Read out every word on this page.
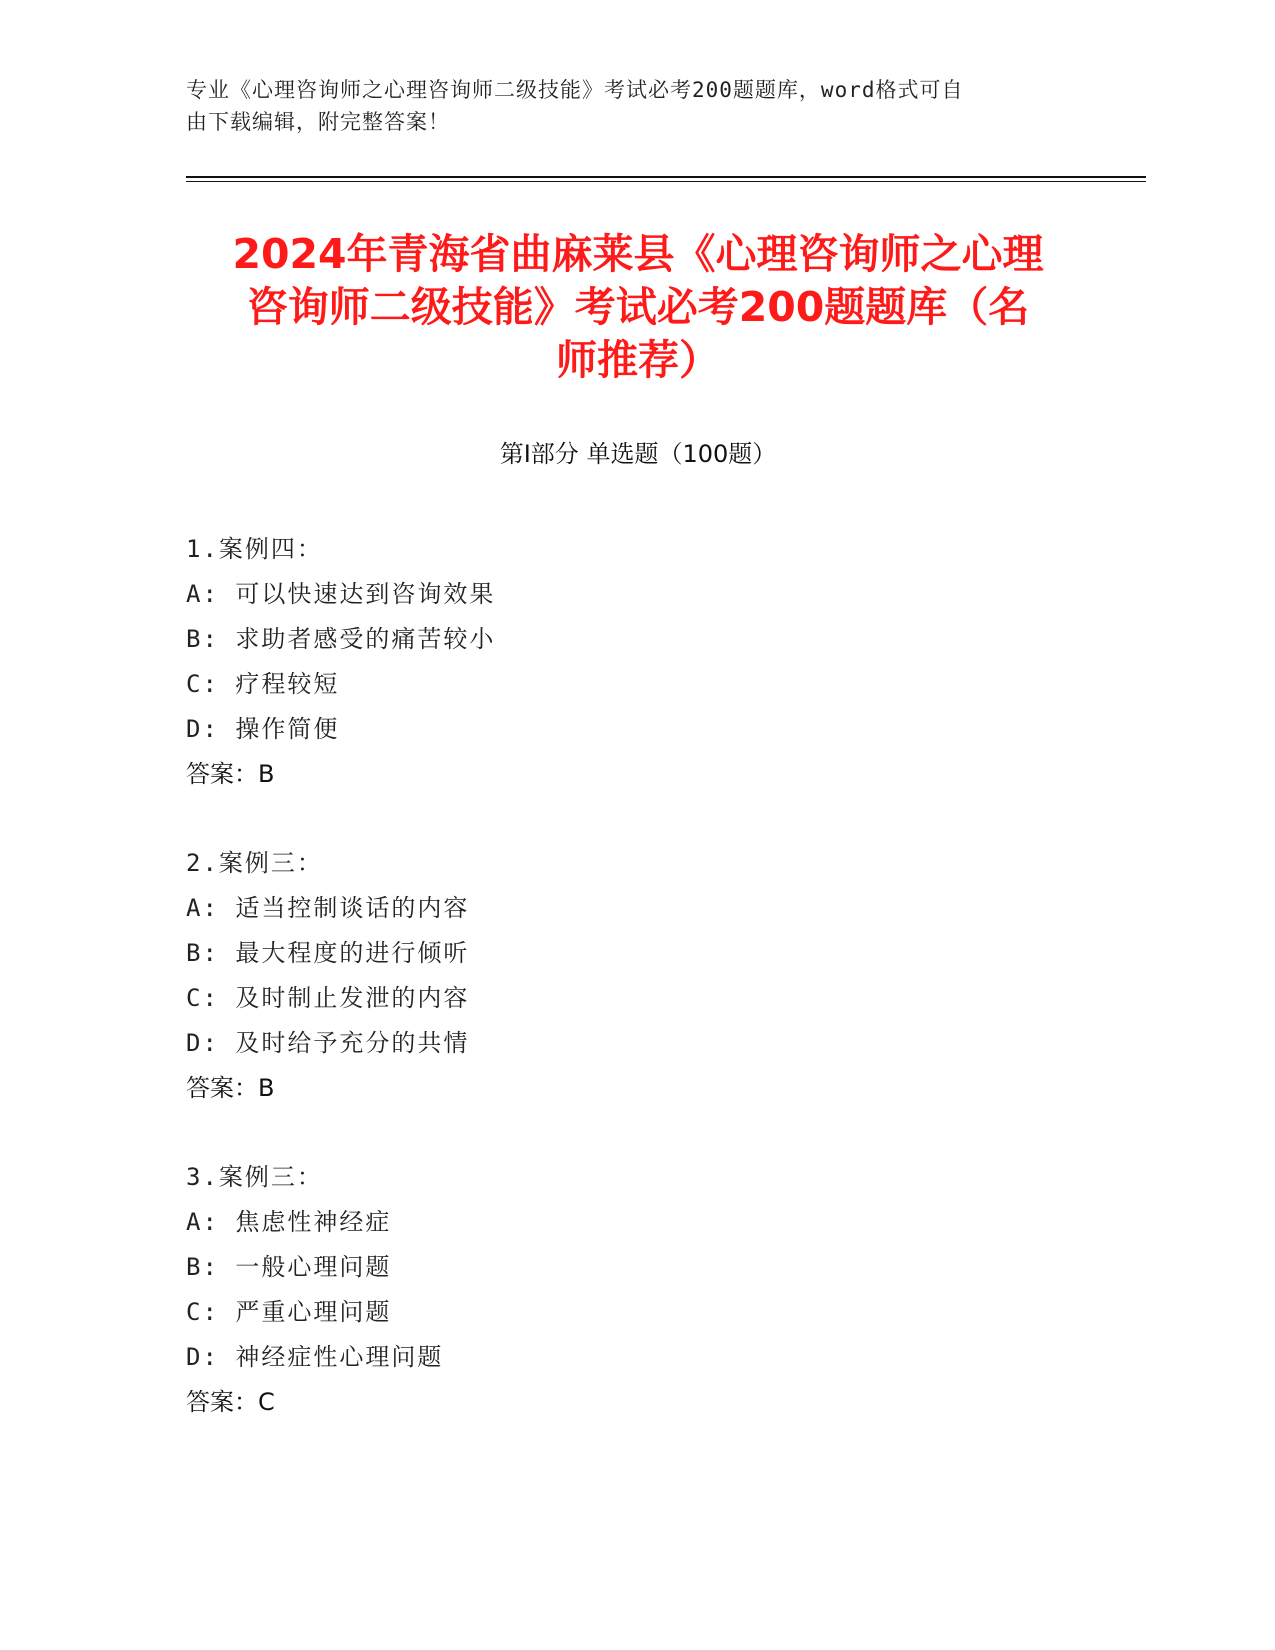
专业《心理咨询师之心理咨询师二级技能》考试必考200题题库，word格式可自
由下载编辑，附完整答案！
2024年青海省曲麻莱县《心理咨询师之心理
咨询师二级技能》考试必考200题题库（名
师推荐）
第I部分 单选题（100题）
1.案例四：
A: 可以快速达到咨询效果
B: 求助者感受的痛苦较小
C: 疗程较短
D: 操作简便
答案：B
2.案例三：
A: 适当控制谈话的内容
B: 最大程度的进行倾听
C: 及时制止发泄的内容
D: 及时给予充分的共情
答案：B
3.案例三：
A: 焦虑性神经症
B: 一般心理问题
C: 严重心理问题
D: 神经症性心理问题
答案：C
